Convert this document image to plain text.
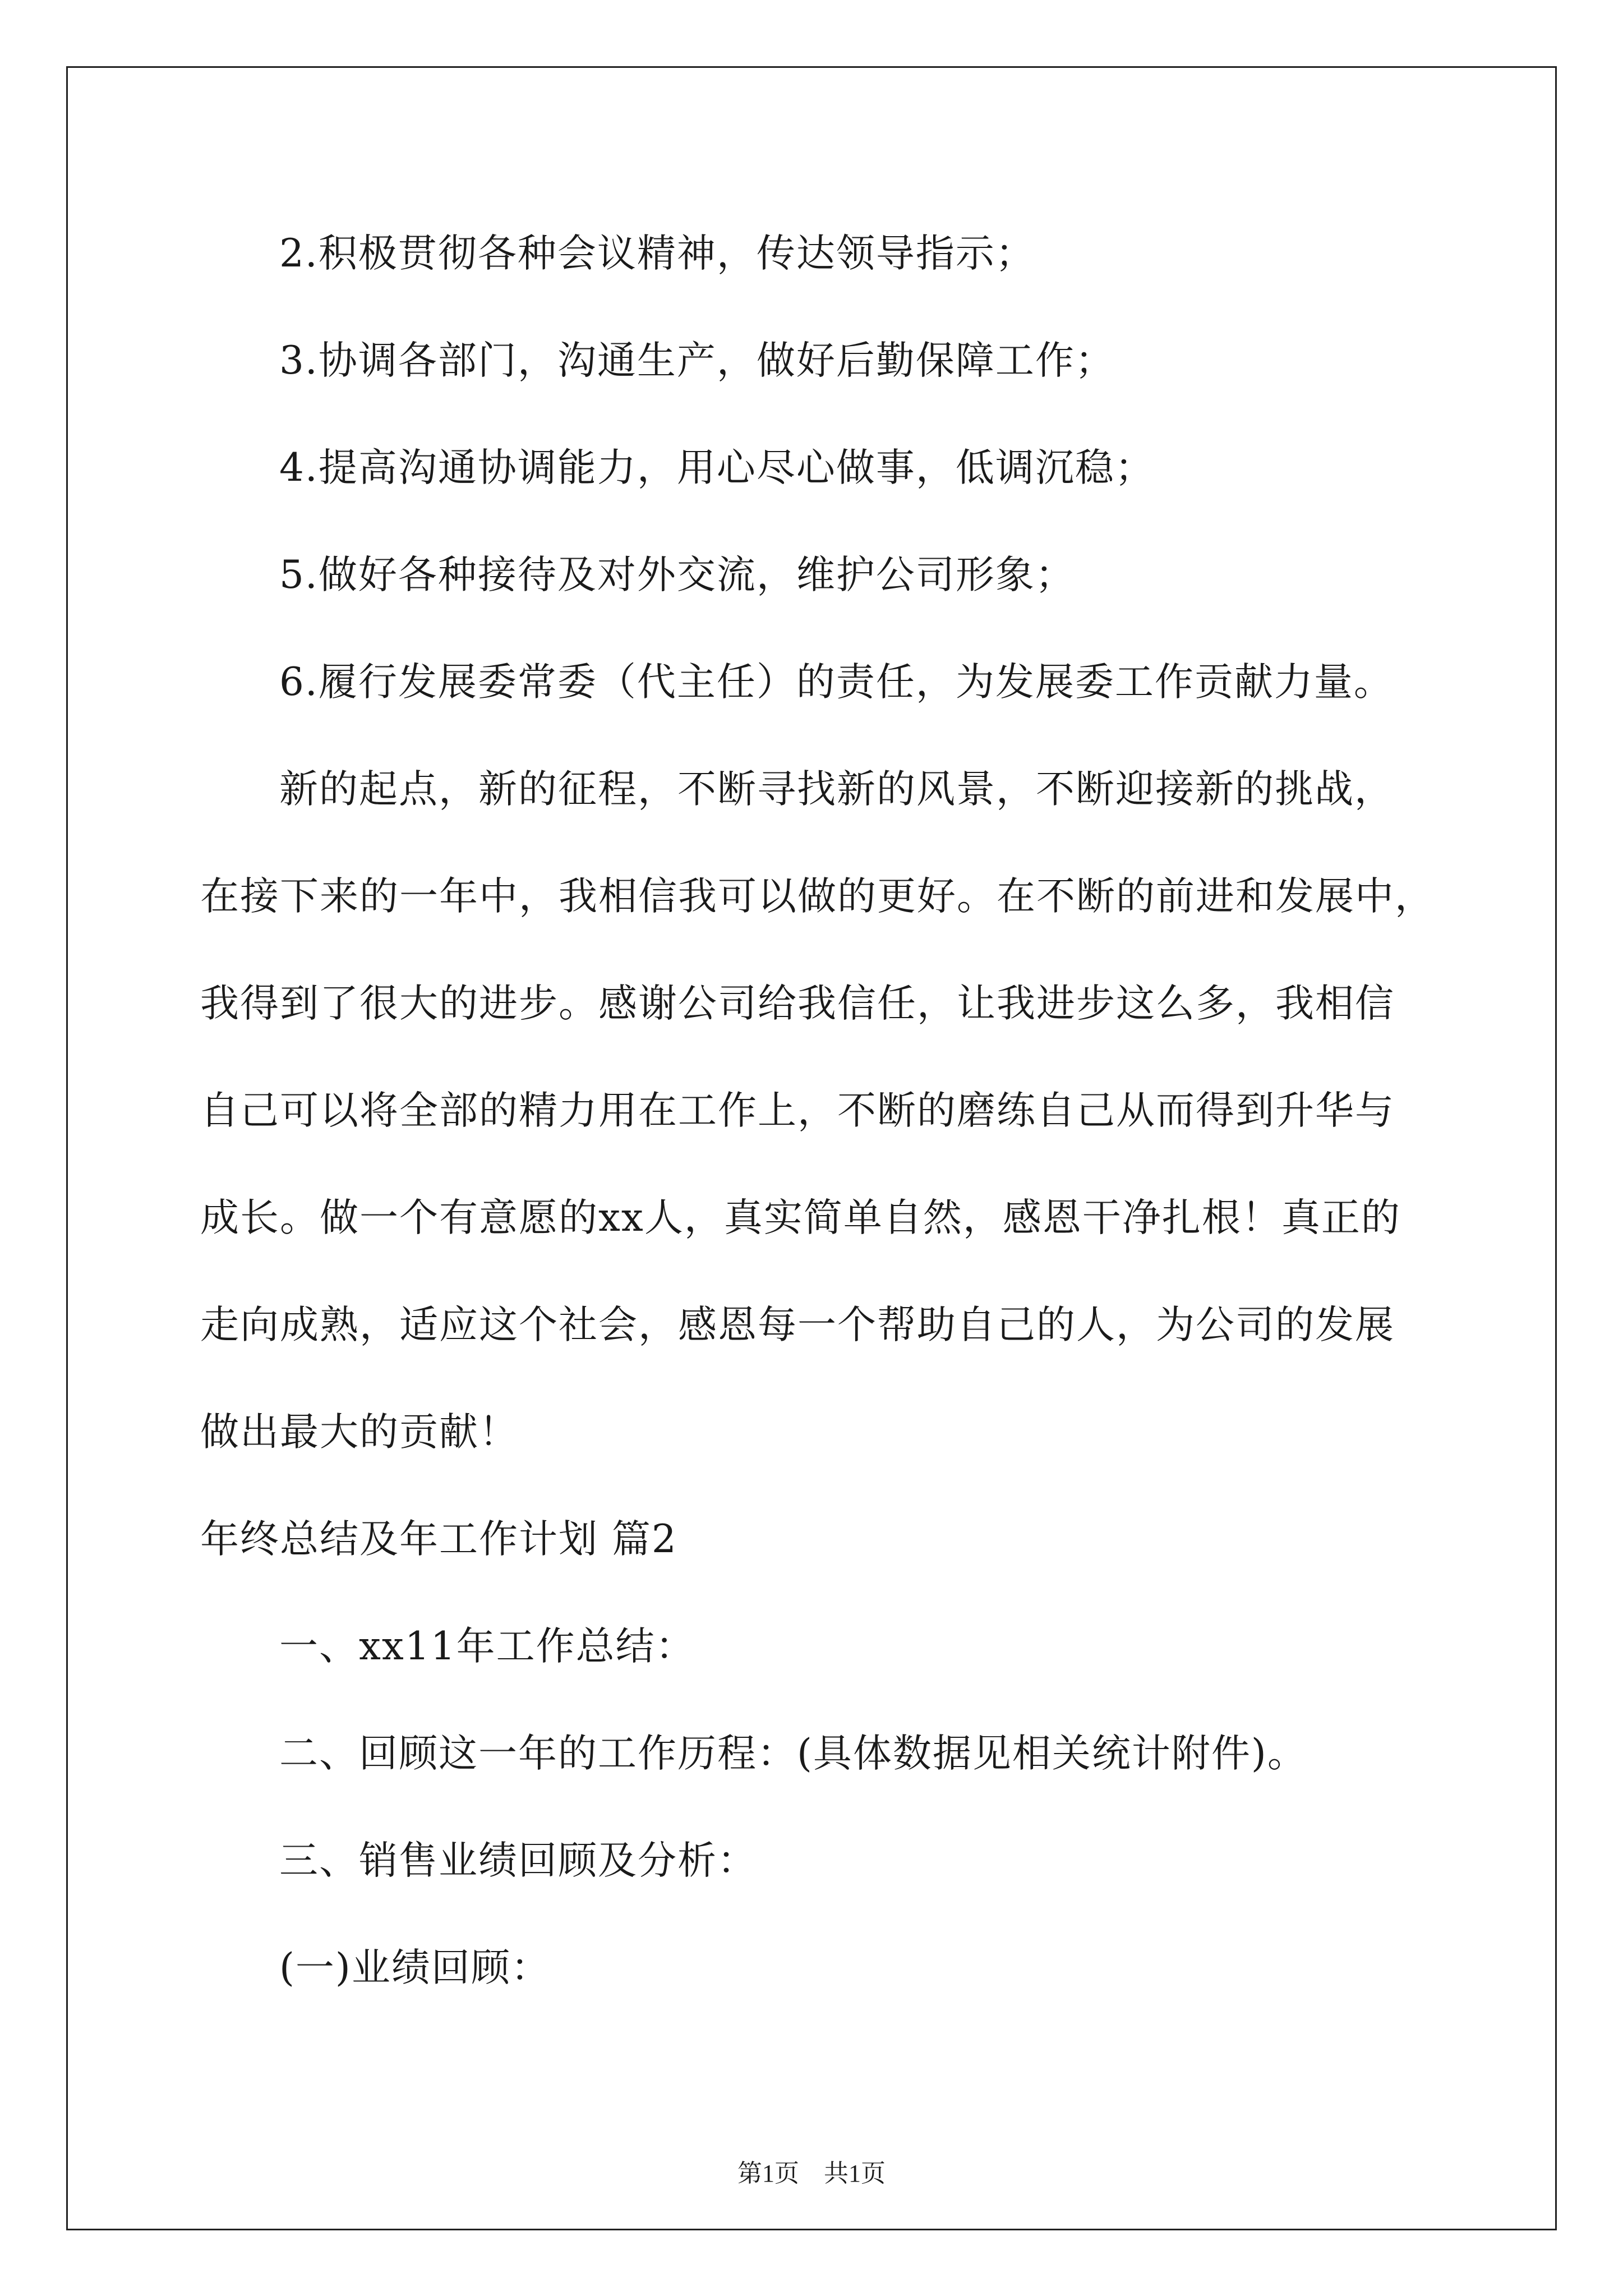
2.积极贯彻各种会议精神，传达领导指示；
3.协调各部门，沟通生产，做好后勤保障工作；
4.提高沟通协调能力，用心尽心做事，低调沉稳；
5.做好各种接待及对外交流，维护公司形象；
6.履行发展委常委（代主任）的责任，为发展委工作贡献力量。
新的起点，新的征程，不断寻找新的风景，不断迎接新的挑战，
在接下来的一年中，我相信我可以做的更好。在不断的前进和发展中，
我得到了很大的进步。感谢公司给我信任，让我进步这么多，我相信
自己可以将全部的精力用在工作上，不断的磨练自己从而得到升华与
成长。做一个有意愿的xx人，真实简单自然，感恩干净扎根！真正的
走向成熟，适应这个社会，感恩每一个帮助自己的人，为公司的发展
做出最大的贡献！
年终总结及年工作计划 篇2
一、xx11年工作总结：
二、回顾这一年的工作历程：(具体数据见相关统计附件)。
三、销售业绩回顾及分析：
(一)业绩回顾：
第1页　共1页
